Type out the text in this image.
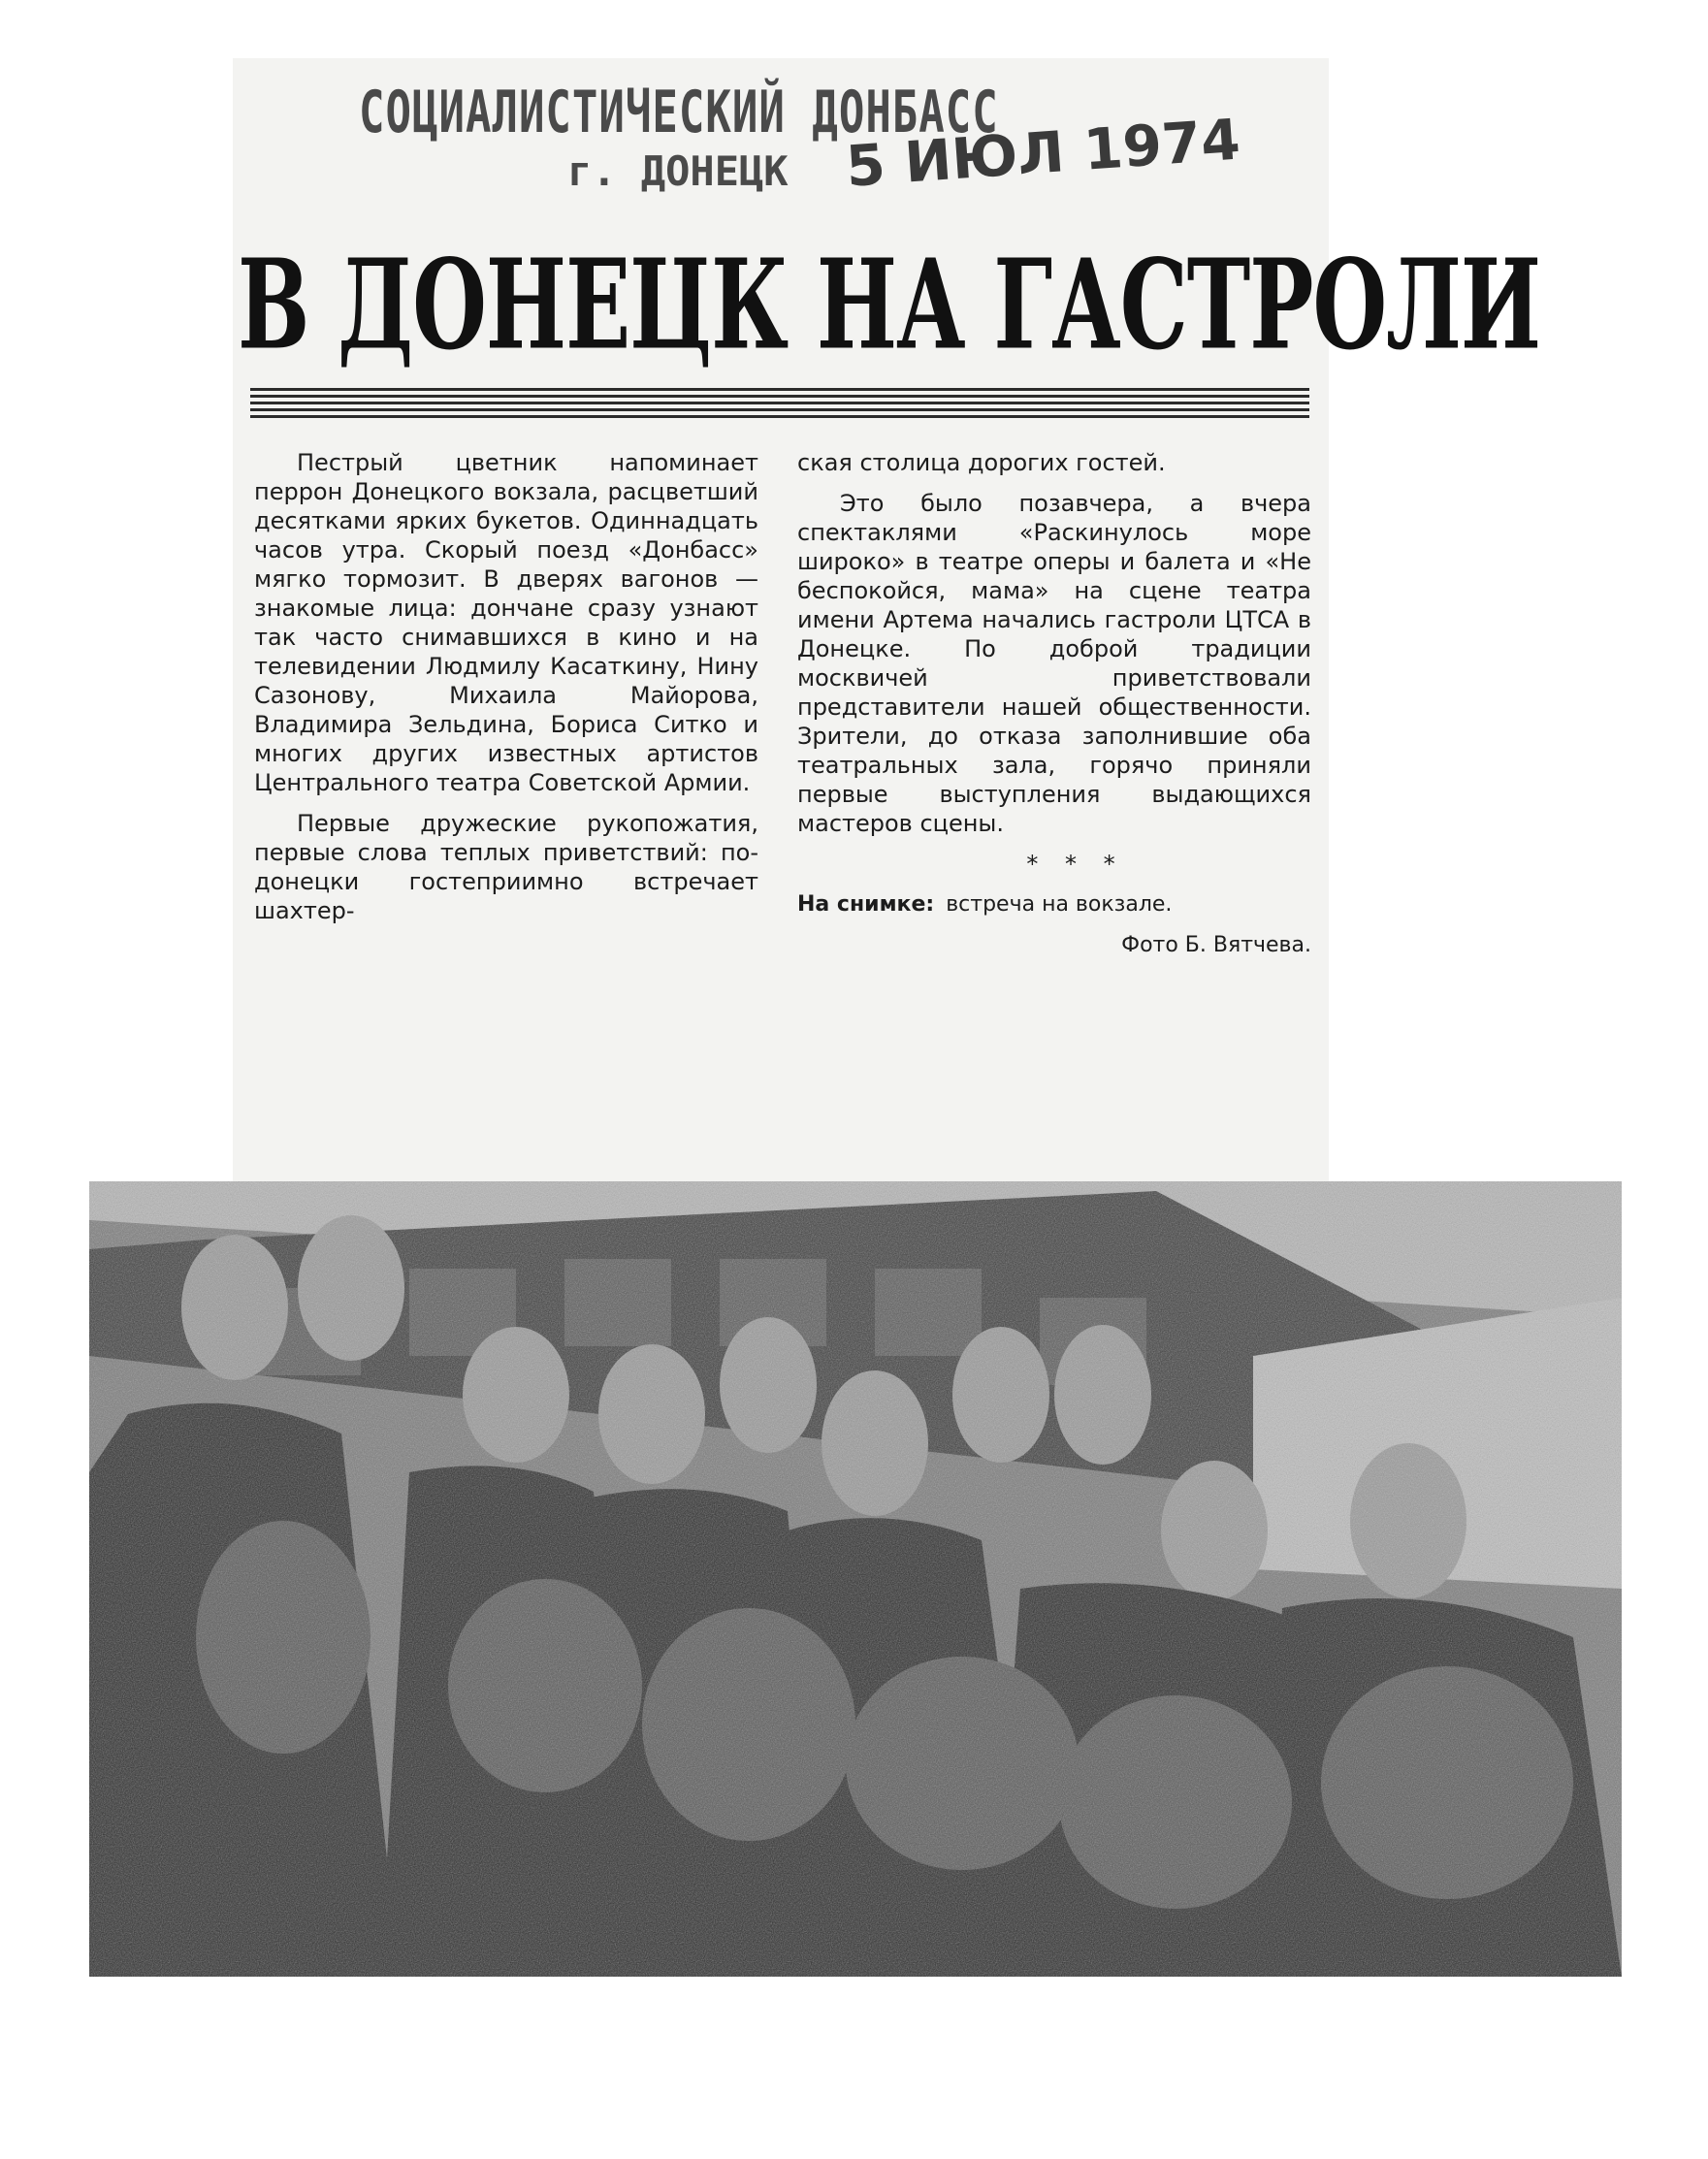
СОЦИАЛИСТИЧЕСКИЙ ДОНБАСС
г. ДОНЕЦК 5 ИЮЛ 1974
В ДОНЕЦК НА ГАСТРОЛИ

Пестрый цветник напоминает перрон Донецкого вокзала, расцветший десятками ярких букетов. Одиннадцать часов утра. Скорый поезд «Донбасс» мягко тормозит. В дверях вагонов — знакомые лица: дончане сразу узнают так часто снимавшихся в кино и на телевидении Людмилу Касаткину, Нину Сазонову, Михаила Майорова, Владимира Зельдина, Бориса Ситко и многих других известных артистов Центрального театра Советской Армии.

Первые дружеские рукопожатия, первые слова теплых приветствий: по-донецки гостеприимно встречает шахтер-

ская столица дорогих гостей.

Это было позавчера, а вчера спектаклями «Раскинулось море широко» в театре оперы и балета и «Не беспокойся, мама» на сцене театра имени Артема начались гастроли ЦТСА в Донецке. По доброй традиции москвичей приветствовали представители нашей общественности. Зрители, до отказа заполнившие оба театральных зала, горячо приняли первые выступления выдающихся мастеров сцены.

* * *

На снимке: встреча на вокзале.

Фото Б. Вятчева.
